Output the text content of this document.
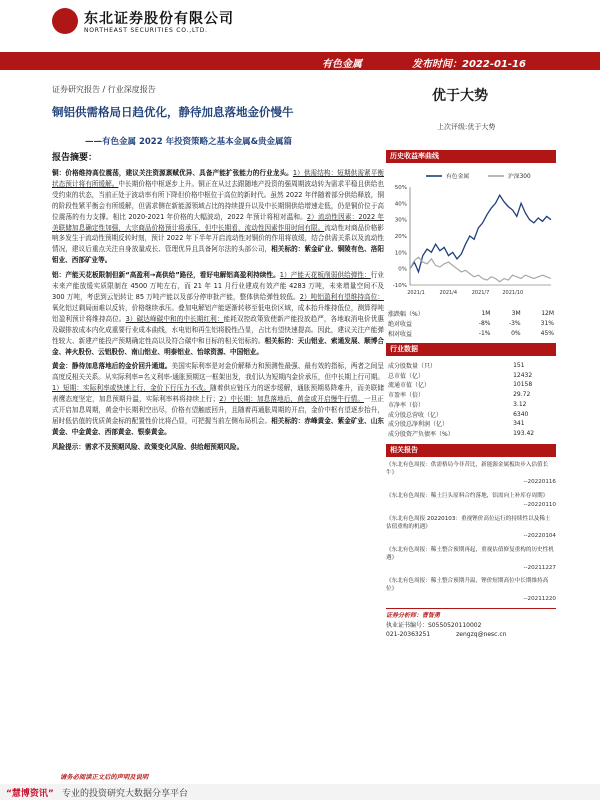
东北证券股份有限公司
NORTHEAST SECURITIES CO.,LTD.
有色金属	发布时间：2022-01-16
证券研究报告 / 行业深度报告
铜铝供需格局日趋优化，静待加息落地金价慢牛
——有色金属 2022 年投资策略之基本金属&贵金属篇
报告摘要：
优于大势
上次评级:优于大势

铜：价格维持高位震荡，建议关注资源禀赋优异、具备产能扩张能力的行业龙头。1）供需结构：短期供需紧平衡状态预计将有所缓解。中长期价格中枢逐步上升。铜正在从过去跟随地产投资的强周期波动转为需求平稳且供给也受约束的状态，当前正处于波动率有所下降但价格中枢位于高位的新时代。虽然 2022 年伴随着部分供给释放，铜的阶段性紧平衡会有所缓解，但需求侧在新能源领域占比的持续提升以及中长期铜供给增速走低，仍是铜价位于高位震荡的有力支撑。相比 2020-2021 年价格的大幅波动，2022 年预计将相对温和。2）流动性因素：2022 年美联储加息确定性加强，大宗商品价格预计将承压，但中长期看，流动性因素作用时间有限。流动性对商品价格影响多发生于流动性预期反转时刻，预计 2022 年下半年开启流动性对铜价的作用将放缓，结合供需关系以及流动性情况，建议后重点关注自身放量成长、管理优异且具备阿尔法的头部公司，相关标的：紫金矿业、铜陵有色、洛阳钼业、西部矿业等。

铝：产能天花板限制但新“高盈利→高供给”路径，看好电解铝高盈利持续性。1）产能天花板削弱供给弹性：行业未来产能放缓实质限制在 4500 万吨左右，而 21 年 11 月行业建成有效产能 4283 万吨，未来增量空间不及 300 万吨，考虑到云铝转让 85 万吨产能以及部分停审批产能，整体供给弹性较低。2）吨铝盈利有望维持高位：氧化铝过剩局面难以反转，价格继续承压。叠加电解铝产能逐渐转移至低电价区域，成本抬升维持低位，测算得吨铝盈利预计将维持高位。3）碳达峰碳中和的中长期红利：能耗双控政策致使新产能投放趋严，各地取消电价优惠及碳排放成本内化成重要行业成本曲线，水电铝和再生铝将脱性凸显，占比有望快速提高。因此，建议关注产能弹性较大、新建产能投产预期确定性高以及符合碳中和目标的相关铝标的。相关标的：天山铝业、索通发展、顺博合金、神火股份、云铝股份、南山铝业、明泰铝业、怡球资源、中国铝业。

黄金：静待加息落地后的金价回升通道。美国实际利率是对金价解释力和预测性最强、最有效的指标，两者之间呈高度反相关关系。从实际利率=名义利率-通胀预期这一框架出发，我们认为短期内金价承压，但中长期上行可期。1）短期：实际利率或快速上行，金价下行压力不改。随着供应链压力的逐步缓解，通胀预期易降难升，而美联储表鹰态度坚定，加息预期升温，实际利率料将持续上行；2）中长期：加息落地后，黄金或开启慢牛行情。一旦正式开启加息周期，黄金中长期利空出尽，价格有望触底回升，且随着再通胀周期的开启，金价中枢有望逐步抬升，届时低估值的优质黄金标的配置性价比将凸显，可把握当前左侧布局机会。相关标的：赤峰黄金、紫金矿业、山东黄金、中金黄金、西部黄金、银泰黄金。

风险提示：需求不及预期风险、政策变化风险、供给超预期风险。

历史收益率曲线
50%
40%
30%
20%
10%
0%
-10%
2021/1	2021/4	2021/7	2021/10
有色金属	沪深300
涨跌幅（%）	1M	3M	12M
绝对收益	-8%	-3%	31%
相对收益	-1%	0%	45%
行业数据
成分股数量（只）	151
总市值（亿）	12432
流通市值（亿）	10158
市盈率（倍）	29.72
市净率（倍）	3.12
成分股总营收（亿）	6340
成分股总净利润（亿）	341
成分股资产负债率（%）	193.42
相关报告
《东北有色周报：供需格局今非昔比，新能源金属板块步入估值长牛》
--20220116
《东北有色周报：稀土巨头原料合约落地，铝需向上补库存周期》
--20220110
《东北有色周报 20220103：重视锂价高位运行的持续性以及稀土估值重构的机遇》
--20220104
《东北有色周报：稀土整合预期再起，重视估值修复重构的历史性机遇》
--20211227
《东北有色周报：稀土整合预期升温，锂价短期高位中长期维持高位》
--20211220
证券分析师：曹智勇
执业证书编号：S0550520110002
021-20363251	zengzq@nesc.cn
请务必阅读正文后的声明及说明
“慧博资讯” 专业的投资研究大数据分享平台
